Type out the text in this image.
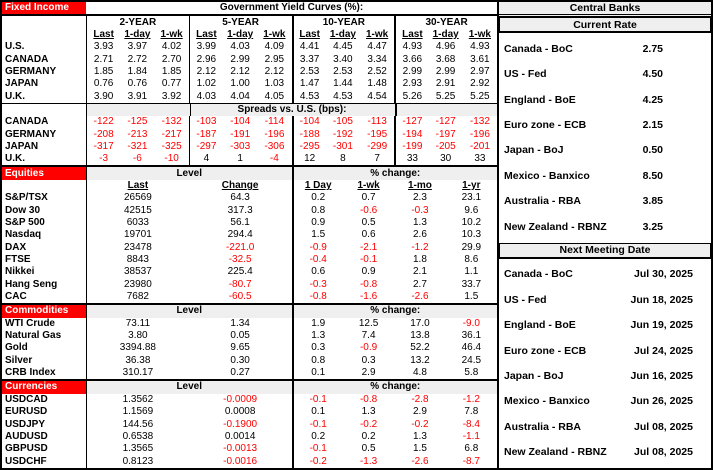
Fixed Income	Government Yield Curves (%):
2-YEAR	5-YEAR	10-YEAR	30-YEAR
Last	1-day	1-wk	Last	1-day	1-wk	Last 1-day	1-wk	Last 1-day	1-wk
U.S.	3.93	3.97	4.02	3.99	4.03	4.09	4.41	4.45	4.47	4.93	4.96	4.93
CANADA	2.71	2.72	2.70	2.96	2.99	2.95	3.37	3.40	3.34	3.66	3.68	3.61
GERMANY	1.85	1.84	1.85	2.12	2.12	2.12	2.53	2.53	2.52	2.99	2.99	2.97
JAPAN	0.76	0.76	0.77	1.02	1.00	1.03	1.47	1.44	1.48	2.93	2.91	2.92
U.K.	3.90	3.91	3.92	4.03	4.04	4.05	4.53	4.53	4.54	5.26	5.25	5.25
Spreads vs. U.S. (bps):
CANADA	-122	-125	-132	-103	-104	-114	-104	-105	-113	-127	-127	-132
GERMANY	-208	-213	-217	-187	-191	-196	-188	-192	-195	-194	-197	-196
JAPAN	-317	-321	-325	-297	-303	-306	-295	-301	-299	-199	-205	-201
U.K.	-3	-6	-10	4	1	-4	12	8	7	33	30	33
Equities	Level	% change:
Last	Change	1 Day	1-wk	1-mo	1-yr
S&P/TSX	26569	64.3	0.2	0.7	2.3	23.1
Dow 30	42515	317.3	0.8	-0.6	-0.3	9.6
S&P 500	6033	56.1	0.9	0.5	1.3	10.2
Nasdaq	19701	294.4	1.5	0.6	2.6	10.3
DAX	23478	-221.0	-0.9	-2.1	-1.2	29.9
FTSE	8843	-32.5	-0.4	-0.1	1.8	8.6
Nikkei	38537	225.4	0.6	0.9	2.1	1.1
Hang Seng	23980	-80.7	-0.3	-0.8	2.7	33.7
CAC	7682	-60.5	-0.8	-1.6	-2.6	1.5
Commodities	Level	% change:
WTI Crude	73.11	1.34	1.9	12.5	17.0	-9.0
Natural Gas	3.80	0.05	1.3	7.4	13.8	36.1
Gold	3394.88	9.65	0.3	-0.9	52.2	46.4
Silver	36.38	0.30	0.8	0.3	13.2	24.5
CRB Index	310.17	0.27	0.1	2.9	4.8	5.8
Currencies	Level	% change:
USDCAD	1.3562	-0.0009	-0.1	-0.8	-2.8	-1.2
EURUSD	1.1569	0.0008	0.1	1.3	2.9	7.8
USDJPY	144.56	-0.1900	-0.1	-0.2	-0.2	-8.4
AUDUSD	0.6538	0.0014	0.2	0.2	1.3	-1.1
GBPUSD	1.3565	-0.0013	-0.1	0.5	1.5	6.8
USDCHF	0.8123	-0.0016	-0.2	-1.3	-2.6	-8.7
Central Banks
Current Rate
Canada - BoC	2.75
US - Fed	4.50
England - BoE	4.25
Euro zone - ECB	2.15
Japan - BoJ	0.50
Mexico - Banxico	8.50
Australia - RBA	3.85
New Zealand - RBNZ	3.25
Next Meeting Date
Canada - BoC	Jul 30, 2025
US - Fed	Jun 18, 2025
England - BoE	Jun 19, 2025
Euro zone - ECB	Jul 24, 2025
Japan - BoJ	Jun 16, 2025
Mexico - Banxico	Jun 26, 2025
Australia - RBA	Jul 08, 2025
New Zealand - RBNZ	Jul 08, 2025
